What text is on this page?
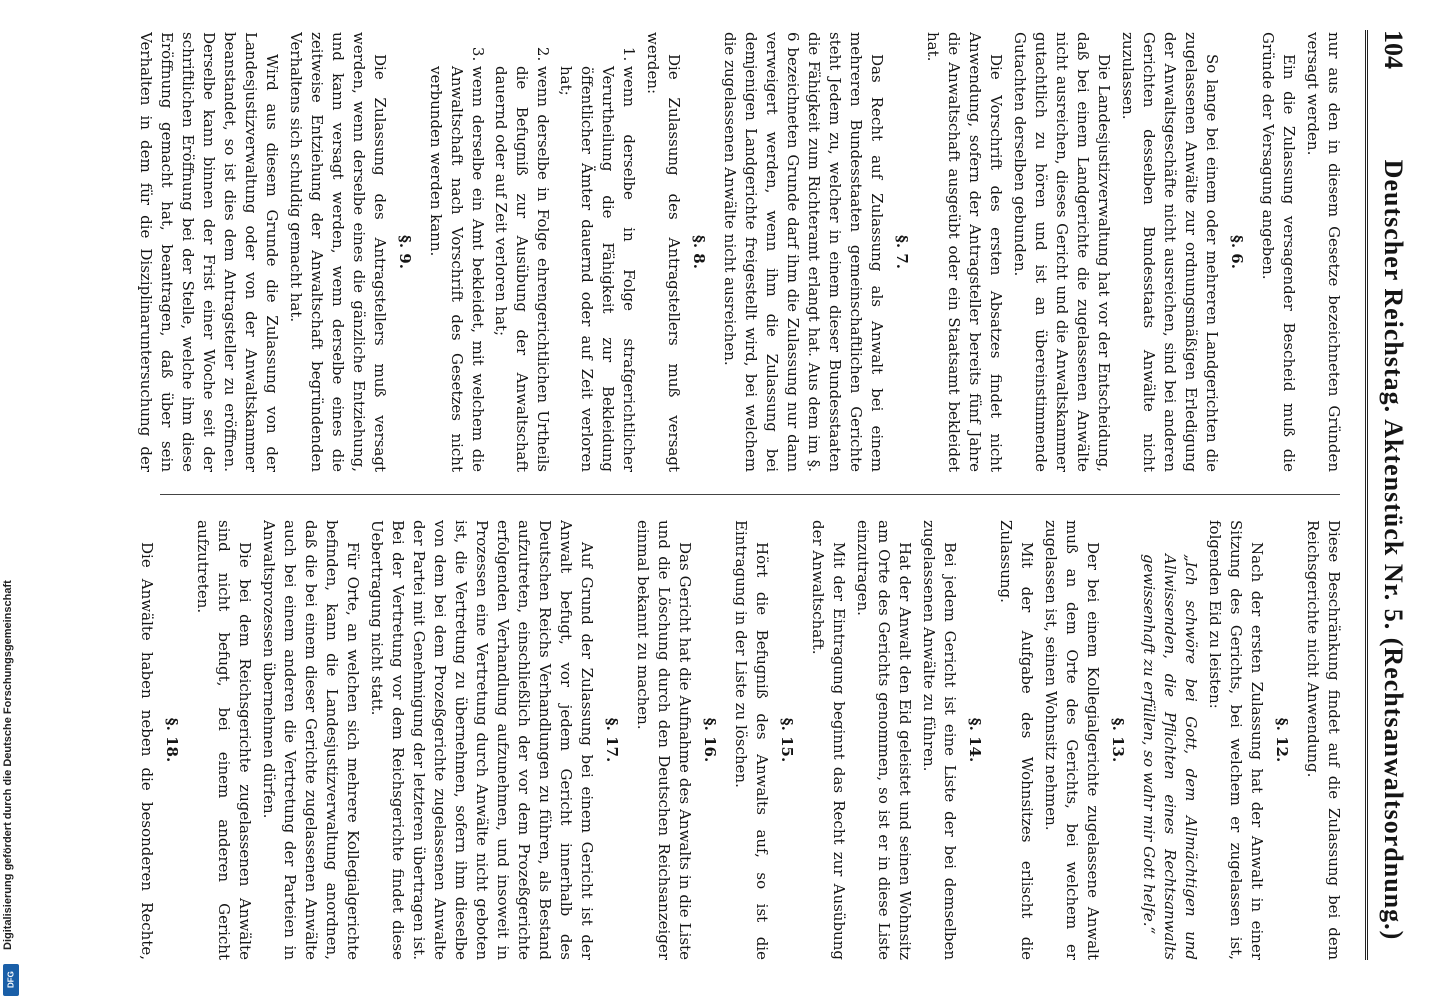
104
Deutscher Reichstag. Aktenstück Nr. 5. (Rechtsanwaltsordnung.)

nur aus den in diesem Gesetze bezeichneten Gründen versagt werden.

Ein die Zulassung versagender Bescheid muß die Gründe der Versagung angeben.

§. 6.

So lange bei einem oder mehreren Landgerichten die zugelassenen Anwälte zur ordnungsmäßigen Erledigung der Anwaltsgeschäfte nicht ausreichen, sind bei anderen Gerichten desselben Bundesstaats Anwälte nicht zuzulassen.

Die Landesjustizverwaltung hat vor der Entscheidung, daß bei einem Landgerichte die zugelassenen Anwälte nicht ausreichen, dieses Gericht und die Anwaltskammer gutachtlich zu hören und ist an übereinstimmende Gutachten derselben gebunden.

Die Vorschrift des ersten Absatzes findet nicht Anwendung, sofern der Antragsteller bereits fünf Jahre die Anwaltschaft ausgeübt oder ein Staatsamt bekleidet hat.

§. 7.

Das Recht auf Zulassung als Anwalt bei einem mehreren Bundesstaaten gemeinschaftlichen Gerichte steht Jedem zu, welcher in einem dieser Bundesstaaten die Fähigkeit zum Richteramt erlangt hat. Aus dem im §. 6 bezeichneten Grunde darf ihm die Zulassung nur dann verweigert werden, wenn ihm die Zulassung bei demjenigen Landgerichte freigestellt wird, bei welchem die zugelassenen Anwälte nicht ausreichen.

§. 8.

Die Zulassung des Antragstellers muß versagt werden:

1. wenn derselbe in Folge strafgerichtlicher Verurtheilung die Fähigkeit zur Bekleidung öffentlicher Ämter dauernd oder auf Zeit verloren hat;
2. wenn derselbe in Folge ehrengerichtlichen Urtheils die Befugniß zur Ausübung der Anwaltschaft dauernd oder auf Zeit verloren hat;
3. wenn derselbe ein Amt bekleidet, mit welchem die Anwaltschaft nach Vorschrift des Gesetzes nicht verbunden werden kann.

§. 9.

Die Zulassung des Antragstellers muß versagt werden, wenn derselbe eines die gänzliche Entziehung, und kann versagt werden, wenn derselbe eines die zeitweise Entziehung der Anwaltschaft begründenden Verhaltens sich schuldig gemacht hat.

Wird aus diesem Grunde die Zulassung von der Landesjustizverwaltung oder von der Anwaltskammer beanstandet, so ist dies dem Antragsteller zu eröffnen. Derselbe kann binnen der Frist einer Woche seit der schriftlichen Eröffnung bei der Stelle, welche ihm diese Eröffnung gemacht hat, beantragen, daß über sein Verhalten in dem für die Disziplinaruntersuchung der

Diese Beschränkung findet auf die Zulassung bei dem Reichsgerichte nicht Anwendung.

§. 12.

Nach der ersten Zulassung hat der Anwalt in einer Sitzung des Gerichts, bei welchem er zugelassen ist, folgenden Eid zu leisten:

„Ich schwöre bei Gott, dem Allmächtigen und Allwissenden, die Pflichten eines Rechtsanwalts gewissenhaft zu erfüllen, so wahr mir Gott helfe.“

§. 13.

Der bei einem Kollegialgerichte zugelassene Anwalt muß an dem Orte des Gerichts, bei welchem er zugelassen ist, seinen Wohnsitz nehmen.

Mit der Aufgabe des Wohnsitzes erlischt die Zulassung.

§. 14.

Bei jedem Gericht ist eine Liste der bei demselben zugelassenen Anwälte zu führen.

Hat der Anwalt den Eid geleistet und seinen Wohnsitz am Orte des Gerichts genommen, so ist er in diese Liste einzutragen.

Mit der Eintragung beginnt das Recht zur Ausübung der Anwaltschaft.

§. 15.

Hört die Befugniß des Anwalts auf, so ist die Eintragung in der Liste zu löschen.

§. 16.

Das Gericht hat die Aufnahme des Anwalts in die Liste und die Löschung durch den Deutschen Reichsanzeiger einmal bekannt zu machen.

§. 17.

Auf Grund der Zulassung bei einem Gericht ist der Anwalt befugt, vor jedem Gericht innerhalb des Deutschen Reichs Verhandlungen zu führen, als Bestand aufzutreten, einschließlich der vor dem Prozeßgerichte erfolgenden Verhandlung aufzunehmen, und insoweit in Prozessen eine Vertretung durch Anwälte nicht geboten ist, die Vertretung zu übernehmen, sofern ihm dieselbe von dem bei dem Prozeßgerichte zugelassenen Anwalte der Partei mit Genehmigung der letzteren übertragen ist. Bei der Vertretung vor dem Reichsgerichte findet diese Uebertragung nicht statt.

Für Orte, an welchen sich mehrere Kollegialgerichte befinden, kann die Landesjustizverwaltung anordnen, daß die bei einem dieser Gerichte zugelassenen Anwälte auch bei einem anderen die Vertretung der Parteien in Anwaltsprozessen übernehmen dürfen.

Die bei dem Reichsgerichte zugelassenen Anwälte sind nicht befugt, bei einem anderen Gericht aufzutreten.

§. 18.

Die Anwälte haben neben die besonderen Rechte,

Digitalisierung gefördert durch die Deutsche Forschungsgemeinschaft
DFG
